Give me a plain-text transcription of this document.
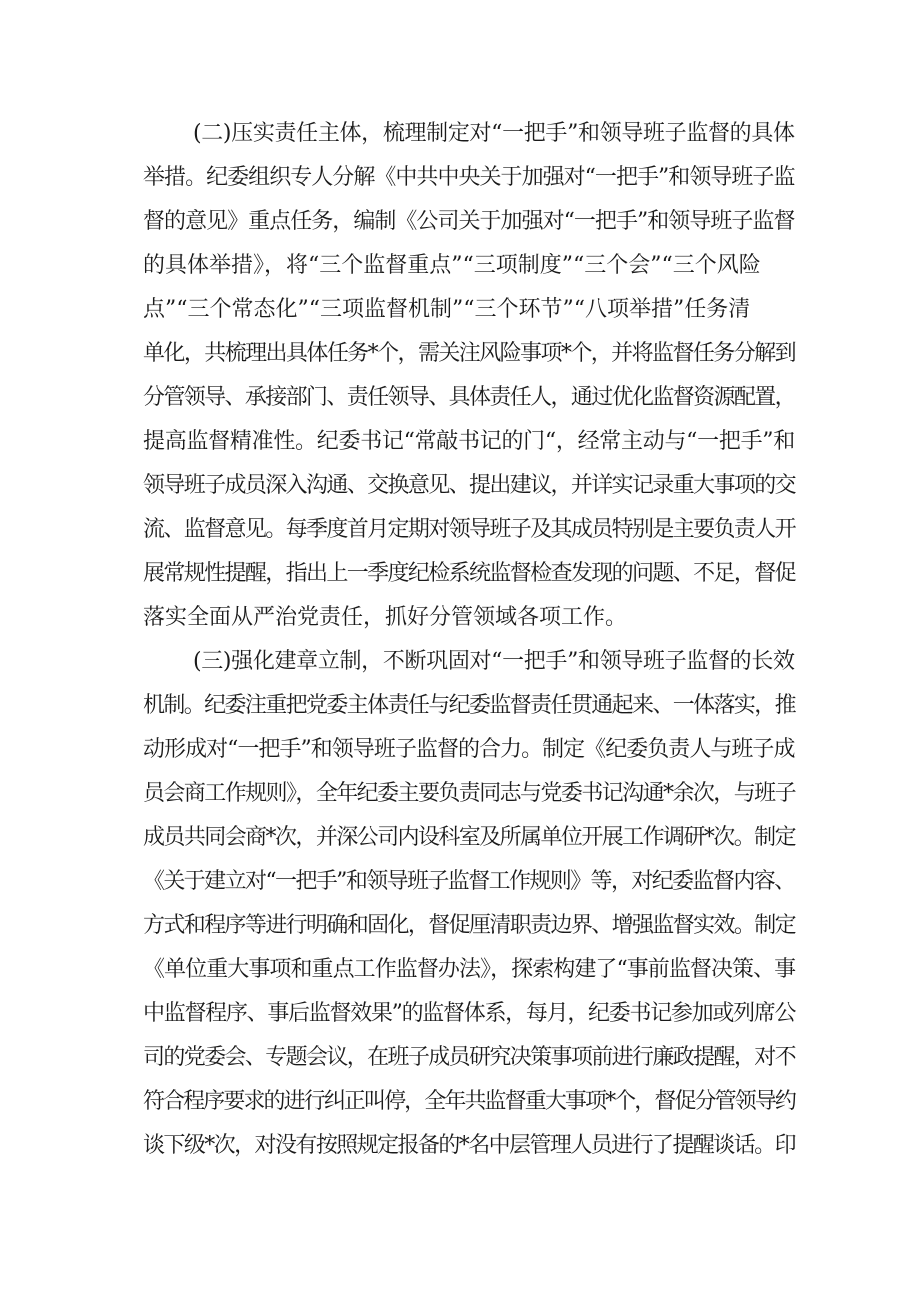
(二)压实责任主体，梳理制定对“一把手”和领导班子监督的具体
举措。纪委组织专人分解《中共中央关于加强对“一把手”和领导班子监
督的意见》重点任务，编制《公司关于加强对“一把手”和领导班子监督
的具体举措》，将“三个监督重点”“三项制度”“三个会”“三个风险
点”“三个常态化”“三项监督机制”“三个环节”“八项举措”任务清
单化，共梳理出具体任务*个，需关注风险事项*个，并将监督任务分解到
分管领导、承接部门、责任领导、具体责任人，通过优化监督资源配置，
提高监督精准性。纪委书记“常敲书记的门“，经常主动与“一把手”和
领导班子成员深入沟通、交换意见、提出建议，并详实记录重大事项的交
流、监督意见。每季度首月定期对领导班子及其成员特别是主要负责人开
展常规性提醒，指出上一季度纪检系统监督检查发现的问题、不足，督促
落实全面从严治党责任，抓好分管领域各项工作。
(三)强化建章立制，不断巩固对“一把手”和领导班子监督的长效
机制。纪委注重把党委主体责任与纪委监督责任贯通起来、一体落实，推
动形成对“一把手”和领导班子监督的合力。制定《纪委负责人与班子成
员会商工作规则》，全年纪委主要负责同志与党委书记沟通*余次，与班子
成员共同会商*次，并深公司内设科室及所属单位开展工作调研*次。制定
《关于建立对“一把手”和领导班子监督工作规则》等，对纪委监督内容、
方式和程序等进行明确和固化，督促厘清职责边界、增强监督实效。制定
《单位重大事项和重点工作监督办法》，探索构建了“事前监督决策、事
中监督程序、事后监督效果”的监督体系，每月，纪委书记参加或列席公
司的党委会、专题会议，在班子成员研究决策事项前进行廉政提醒，对不
符合程序要求的进行纠正叫停，全年共监督重大事项*个，督促分管领导约
谈下级*次，对没有按照规定报备的*名中层管理人员进行了提醒谈话。印
